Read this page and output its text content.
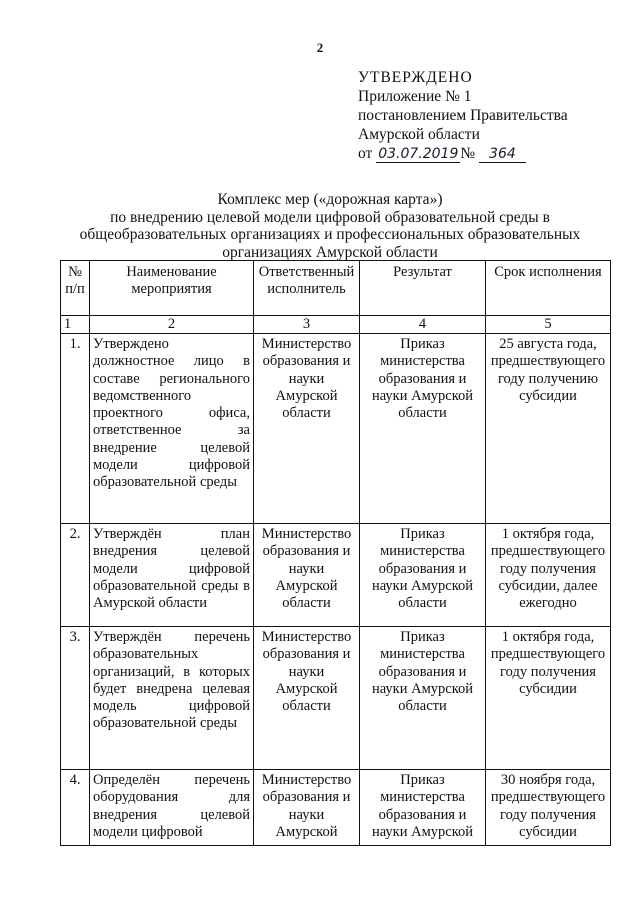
2
УТВЕРЖДЕНО
Приложение № 1
постановлением Правительства
Амурской области
от 03.07.2019 № 364
Комплекс мер («дорожная карта»)
по внедрению целевой модели цифровой образовательной среды в
общеобразовательных организациях и профессиональных образовательных
организациях Амурской области
№ п/п	Наименование мероприятия	Ответственный исполнитель	Результат	Срок исполнения
1	2	3	4	5
1.	Утверждено должностное лицо в составе регионального ведомственного проектного офиса, ответственное за внедрение целевой модели цифровой образовательной среды	Министерство образования и науки Амурской области	Приказ министерства образования и науки Амурской области	25 августа года, предшествующего году получению субсидии
2.	Утверждён план внедрения целевой модели цифровой образовательной среды в Амурской области	Министерство образования и науки Амурской области	Приказ министерства образования и науки Амурской области	1 октября года, предшествующего году получения субсидии, далее ежегодно
3.	Утверждён перечень образовательных организаций, в которых будет внедрена целевая модель цифровой образовательной среды	Министерство образования и науки Амурской области	Приказ министерства образования и науки Амурской области	1 октября года, предшествующего году получения субсидии
4.	Определён перечень оборудования для внедрения целевой модели цифровой	Министерство образования и науки Амурской	Приказ министерства образования и науки Амурской	30 ноября года, предшествующего году получения субсидии
